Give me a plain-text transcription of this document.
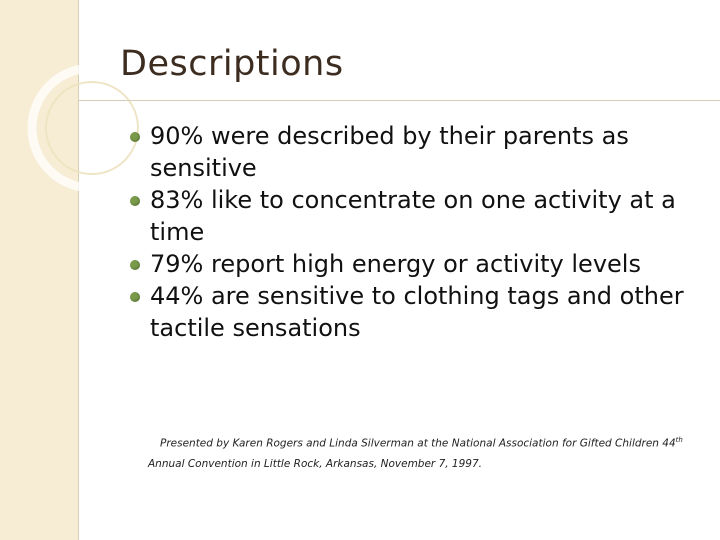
Descriptions
90% were described by their parents as sensitive
83% like to concentrate on one activity at a time
79% report high energy or activity levels
44% are sensitive to clothing tags and other tactile sensations
Presented by Karen Rogers and Linda Silverman at the National Association for Gifted Children 44th
Annual Convention in Little Rock, Arkansas, November 7, 1997.
